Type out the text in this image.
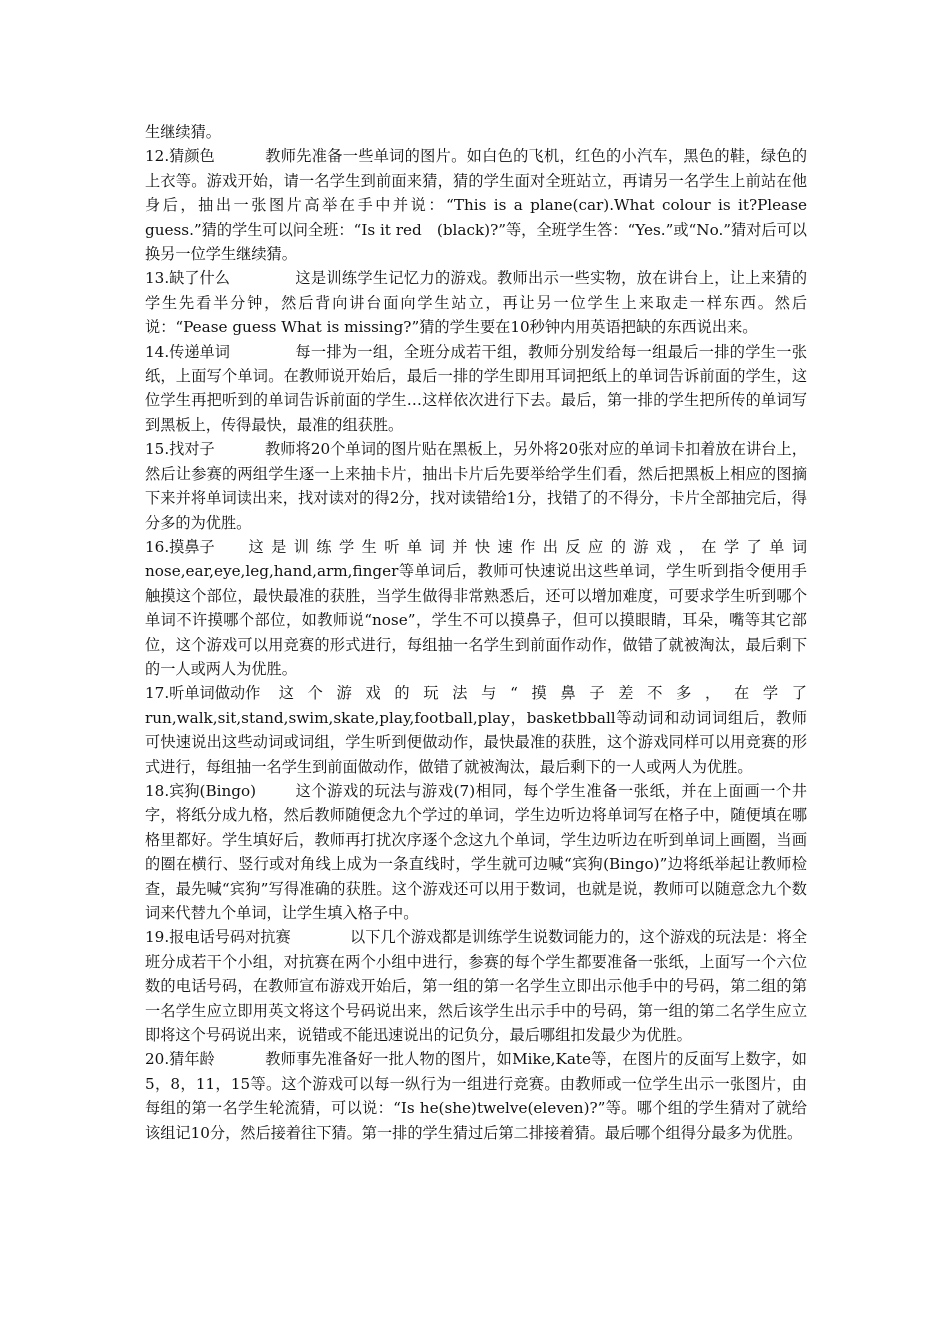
生继续猜。

12.猜颜色	教师先准备一些单词的图片。如白色的飞机，红色的小汽车，黑色的鞋，绿色的上衣等。游戏开始，请一名学生到前面来猜，猜的学生面对全班站立，再请另一名学生上前站在他身后，抽出一张图片高举在手中并说：“This is a plane(car).What colour is it?Please guess.”猜的学生可以问全班：“Is it red　(black)?”等，全班学生答：“Yes.”或“No.”猜对后可以换另一位学生继续猜。

13.缺了什么	这是训练学生记忆力的游戏。教师出示一些实物，放在讲台上，让上来猜的学生先看半分钟，然后背向讲台面向学生站立，再让另一位学生上来取走一样东西。然后说：“Pease guess What is missing?”猜的学生要在10秒钟内用英语把缺的东西说出来。

14.传递单词	每一排为一组，全班分成若干组，教师分别发给每一组最后一排的学生一张纸，上面写个单词。在教师说开始后，最后一排的学生即用耳词把纸上的单词告诉前面的学生，这位学生再把听到的单词告诉前面的学生…这样依次进行下去。最后，第一排的学生把所传的单词写到黑板上，传得最快，最准的组获胜。

15.找对子	教师将20个单词的图片贴在黑板上，另外将20张对应的单词卡扣着放在讲台上，然后让参赛的两组学生逐一上来抽卡片，抽出卡片后先要举给学生们看，然后把黑板上相应的图摘下来并将单词读出来，找对读对的得2分，找对读错给1分，找错了的不得分，卡片全部抽完后，得分多的为优胜。

16.摸鼻子 这是训练学生听单词并快速作出反应的游戏，在学了单词nose,ear,eye,leg,hand,arm,finger等单词后，教师可快速说出这些单词，学生听到指令便用手触摸这个部位，最快最准的获胜，当学生做得非常熟悉后，还可以增加难度，可要求学生听到哪个单词不许摸哪个部位，如教师说“nose”，学生不可以摸鼻子，但可以摸眼睛，耳朵，嘴等其它部位，这个游戏可以用竞赛的形式进行，每组抽一名学生到前面作动作，做错了就被淘汰，最后剩下的一人或两人为优胜。

17.听单词做动作 这个游戏的玩法与“摸鼻子差不多，在学了run,walk,sit,stand,swim,skate,play,football,play，basketbball等动词和动词词组后，教师可快速说出这些动词或词组，学生听到便做动作，最快最准的获胜，这个游戏同样可以用竞赛的形式进行，每组抽一名学生到前面做动作，做错了就被淘汰，最后剩下的一人或两人为优胜。

18.宾狗(Bingo)	这个游戏的玩法与游戏(7)相同，每个学生准备一张纸，并在上面画一个井字，将纸分成九格，然后教师随便念九个学过的单词，学生边听边将单词写在格子中，随便填在哪格里都好。学生填好后，教师再打扰次序逐个念这九个单词，学生边听边在听到单词上画圈，当画的圈在横行、竖行或对角线上成为一条直线时，学生就可边喊“宾狗(Bingo)”边将纸举起让教师检查，最先喊“宾狗”写得准确的获胜。这个游戏还可以用于数词，也就是说，教师可以随意念九个数词来代替九个单词，让学生填入格子中。

19.报电话号码对抗赛	以下几个游戏都是训练学生说数词能力的，这个游戏的玩法是：将全班分成若干个小组，对抗赛在两个小组中进行，参赛的每个学生都要准备一张纸，上面写一个六位数的电话号码，在教师宣布游戏开始后，第一组的第一名学生立即出示他手中的号码，第二组的第一名学生应立即用英文将这个号码说出来，然后该学生出示手中的号码，第一组的第二名学生应立即将这个号码说出来，说错或不能迅速说出的记负分，最后哪组扣发最少为优胜。

20.猜年龄	教师事先准备好一批人物的图片，如Mike,Kate等，在图片的反面写上数字，如5，8，11，15等。这个游戏可以每一纵行为一组进行竞赛。由教师或一位学生出示一张图片，由每组的第一名学生轮流猜，可以说：“Is he(she)twelve(eleven)?”等。哪个组的学生猜对了就给该组记10分，然后接着往下猜。第一排的学生猜过后第二排接着猜。最后哪个组得分最多为优胜。
